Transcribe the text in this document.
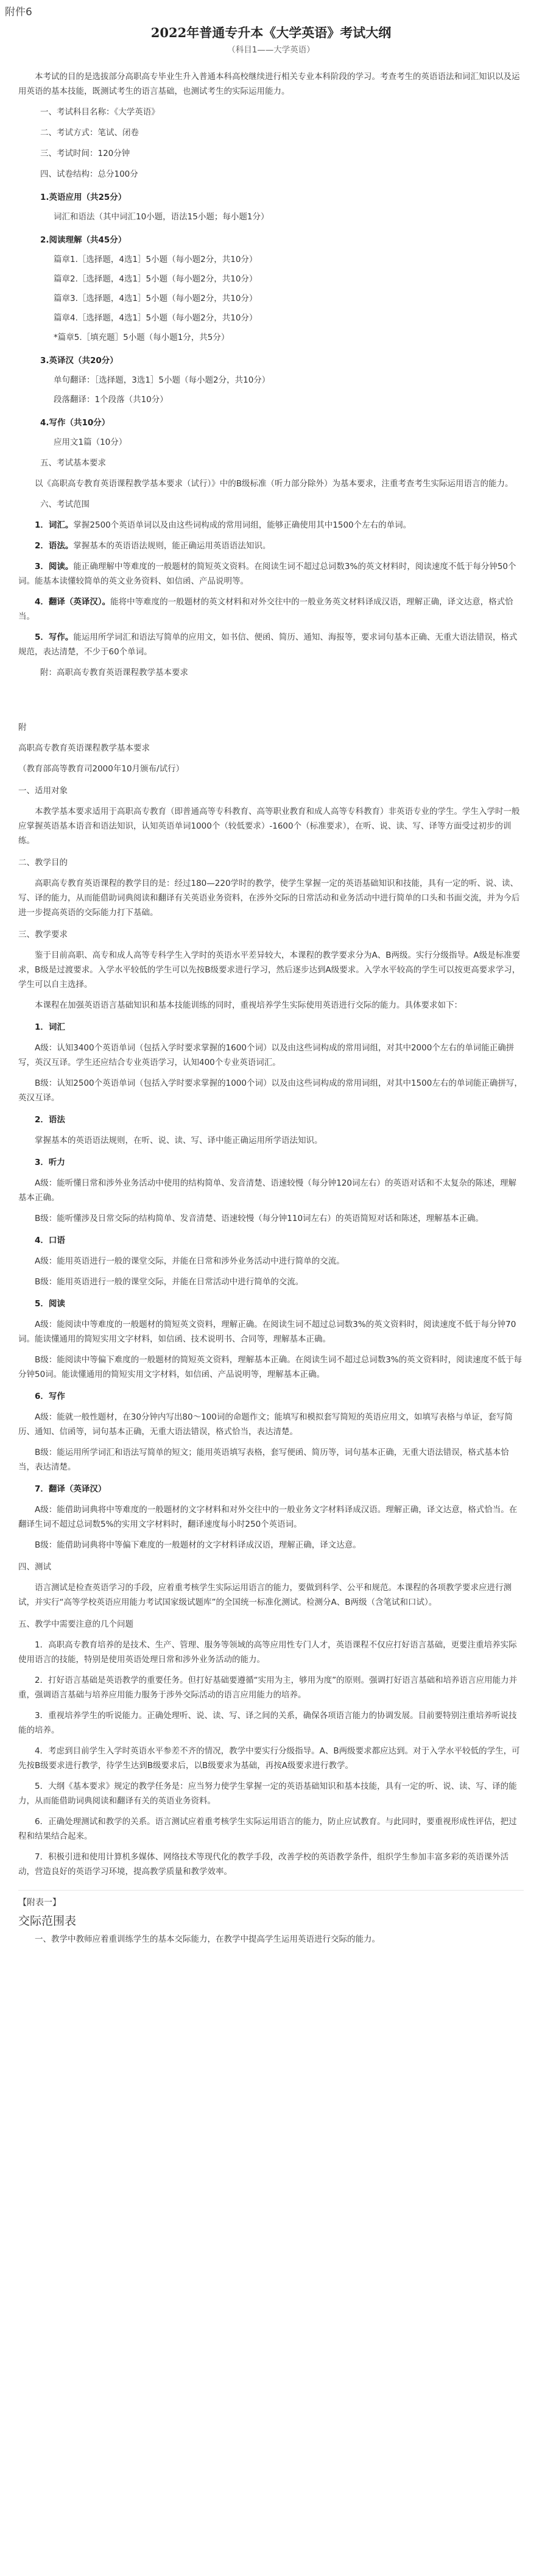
附件6
2022年普通专升本《大学英语》考试大纲
（科目1——大学英语）

本考试的目的是选拔部分高职高专毕业生升入普通本科高校继续进行相关专业本科阶段的学习。考查考生的英语语法和词汇知识以及运用英语的基本技能，既测试考生的语言基础，也测试考生的实际运用能力。

一、考试科目名称：《大学英语》
二、考试方式：笔试、闭卷
三、考试时间：120分钟
四、试卷结构：总分100分
1.英语应用（共25分）
词汇和语法（其中词汇10小题，语法15小题；每小题1分）
2.阅读理解（共45分）
篇章1.［选择题，4选1］5小题（每小题2分，共10分）
篇章2.［选择题，4选1］5小题（每小题2分，共10分）
篇章3.［选择题，4选1］5小题（每小题2分，共10分）
篇章4.［选择题，4选1］5小题（每小题2分，共10分）
*篇章5.［填充题］5小题（每小题1分，共5分）
3.英译汉（共20分）
单句翻译：［选择题，3选1］5小题（每小题2分，共10分）
段落翻译：1个段落（共10分）
4.写作（共10分）
应用文1篇（10分）
五、考试基本要求

以《高职高专教育英语课程教学基本要求（试行）》中的B级标准（听力部分除外）为基本要求，注重考查考生实际运用语言的能力。

六、考试范围

1．词汇。掌握2500个英语单词以及由这些词构成的常用词组，能够正确使用其中1500个左右的单词。

2．语法。掌握基本的英语语法规则，能正确运用英语语法知识。

3．阅读。能正确理解中等难度的一般题材的简短英文资料。在阅读生词不超过总词数3%的英文材料时，阅读速度不低于每分钟50个词。能基本读懂较简单的英文业务资料、如信函、产品说明等。

4．翻译（英译汉）。能将中等难度的一般题材的英文材料和对外交往中的一般业务英文材料译成汉语，理解正确，译文达意，格式恰当。

5．写作。能运用所学词汇和语法写简单的应用文，如书信、便函、简历、通知、海报等，要求词句基本正确、无重大语法错误，格式规范，表达清楚，不少于60个单词。

附：高职高专教育英语课程教学基本要求
附
高职高专教育英语课程教学基本要求
（教育部高等教育司2000年10月颁布/试行）
一、适用对象

本教学基本要求适用于高职高专教育（即普通高等专科教育、高等职业教育和成人高等专科教育）非英语专业的学生。学生入学时一般应掌握英语基本语音和语法知识，认知英语单词1000个（较低要求）-1600个（标准要求），在听、说、读、写、译等方面受过初步的训练。

二、教学目的

高职高专教育英语课程的教学目的是：经过180—220学时的教学，使学生掌握一定的英语基础知识和技能，具有一定的听、说、读、写、译的能力，从而能借助词典阅读和翻译有关英语业务资料，在涉外交际的日常活动和业务活动中进行简单的口头和书面交流，并为今后进一步提高英语的交际能力打下基础。

三、教学要求

鉴于目前高职、高专和成人高等专科学生入学时的英语水平差异较大，本课程的教学要求分为A、B两级。实行分级指导。A级是标准要求，B级是过渡要求。入学水平较低的学生可以先按B级要求进行学习，然后逐步达到A级要求。入学水平较高的学生可以按更高要求学习，学生可以自主选择。

本课程在加强英语语言基础知识和基本技能训练的同时，重视培养学生实际使用英语进行交际的能力。具体要求如下：

1．词汇

A级：认知3400个英语单词（包括入学时要求掌握的1600个词）以及由这些词构成的常用词组，对其中2000个左右的单词能正确拼写，英汉互译。学生还应结合专业英语学习，认知400个专业英语词汇。

B级：认知2500个英语单词（包括入学时要求掌握的1000个词）以及由这些词构成的常用词组，对其中1500左右的单词能正确拼写，英汉互译。

2．语法

掌握基本的英语语法规则，在听、说、读、写、译中能正确运用所学语法知识。

3．听力

A级：能听懂日常和涉外业务活动中使用的结构简单、发音清楚、语速较慢（每分钟120词左右）的英语对话和不太复杂的陈述，理解基本正确。

B级：能听懂涉及日常交际的结构简单、发音清楚、语速较慢（每分钟110词左右）的英语简短对话和陈述，理解基本正确。

4．口语

A级：能用英语进行一般的课堂交际，并能在日常和涉外业务活动中进行简单的交流。

B级：能用英语进行一般的课堂交际，并能在日常活动中进行简单的交流。

5．阅读

A级：能阅读中等难度的一般题材的简短英文资料，理解正确。在阅读生词不超过总词数3%的英文资料时，阅读速度不低于每分钟70词。能读懂通用的简短实用文字材料，如信函、技术说明书、合同等，理解基本正确。

B级：能阅读中等偏下难度的一般题材的简短英文资料，理解基本正确。在阅读生词不超过总词数3%的英文资料时，阅读速度不低于每分钟50词。能读懂通用的简短实用文字材料，如信函、产品说明等，理解基本正确。

6．写作

A级：能就一般性题材，在30分钟内写出80～100词的命题作文；能填写和模拟套写简短的英语应用文，如填写表格与单证，套写简历、通知、信函等，词句基本正确，无重大语法错误，格式恰当，表达清楚。

B级：能运用所学词汇和语法写简单的短文；能用英语填写表格，套写便函、简历等，词句基本正确，无重大语法错误，格式基本恰当，表达清楚。

7．翻译（英译汉）

A级：能借助词典将中等难度的一般题材的文字材料和对外交往中的一般业务文字材料译成汉语。理解正确，译文达意，格式恰当。在翻译生词不超过总词数5%的实用文字材料时，翻译速度每小时250个英语词。

B级：能借助词典将中等偏下难度的一般题材的文字材料译成汉语，理解正确，译文达意。

四、测试

语言测试是检查英语学习的手段，应着重考核学生实际运用语言的能力，要做到科学、公平和规范。本课程的各项教学要求应进行测试，并实行“高等学校英语应用能力考试国家级试题库”的全国统一标准化测试。检测分A、B两级（含笔试和口试）。

五、教学中需要注意的几个问题

1．高职高专教育培养的是技术、生产、管理、服务等领域的高等应用性专门人才，英语课程不仅应打好语言基础，更要注重培养实际使用语言的技能，特别是使用英语处理日常和涉外业务活动的能力。

2．打好语言基础是英语教学的重要任务。但打好基础要遵循“实用为主，够用为度”的原则。强调打好语言基础和培养语言应用能力并重，强调语言基础与培养应用能力服务于涉外交际活动的语言应用能力的培养。

3．重视培养学生的听说能力。正确处理听、说、读、写、译之间的关系，确保各项语言能力的协调发展。目前要特别注重培养听说技能的培养。

4．考虑到目前学生入学时英语水平参差不齐的情况，教学中要实行分级指导。A、B两级要求都应达到。对于入学水平较低的学生，可先按B级要求进行教学，待学生达到B级要求后，以B级要求为基础，再按A级要求进行教学。

5．大纲《基本要求》规定的教学任务是：应当努力使学生掌握一定的英语基础知识和基本技能，具有一定的听、说、读、写、译的能力，从而能借助词典阅读和翻译有关的英语业务资料。

6．正确处理测试和教学的关系。语言测试应着重考核学生实际运用语言的能力，防止应试教育。与此同时，要重视形成性评估，把过程和结果结合起来。

7．积极引进和使用计算机多媒体、网络技术等现代化的教学手段，改善学校的英语教学条件，组织学生参加丰富多彩的英语课外活动，营造良好的英语学习环境，提高教学质量和教学效率。

【附表一】
交际范围表

一、教学中教师应着重训练学生的基本交际能力，在教学中提高学生运用英语进行交际的能力。
